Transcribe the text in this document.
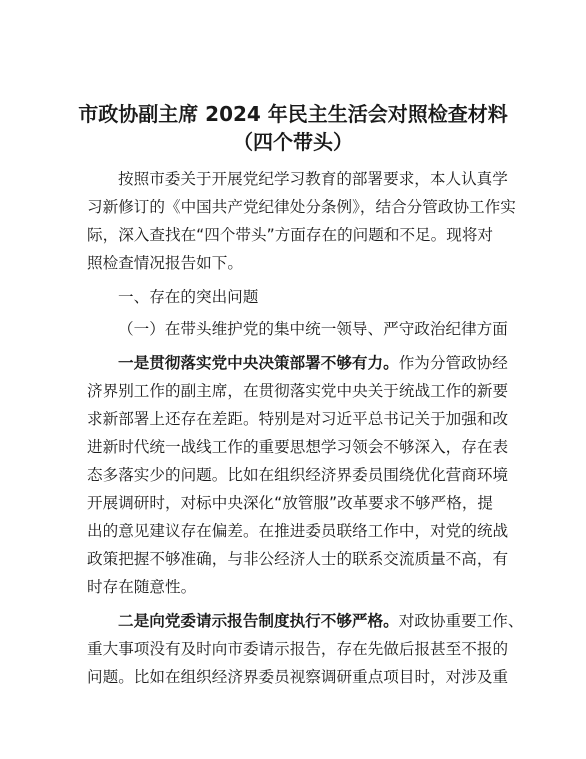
市政协副主席 2024 年民主生活会对照检查材料
（四个带头）

按照市委关于开展党纪学习教育的部署要求，本人认真学

习新修订的《中国共产党纪律处分条例》，结合分管政协工作实

际，深入查找在“四个带头”方面存在的问题和不足。现将对

照检查情况报告如下。

一、存在的突出问题

（一）在带头维护党的集中统一领导、严守政治纪律方面

一是贯彻落实党中央决策部署不够有力。作为分管政协经

济界别工作的副主席，在贯彻落实党中央关于统战工作的新要

求新部署上还存在差距。特别是对习近平总书记关于加强和改

进新时代统一战线工作的重要思想学习领会不够深入，存在表

态多落实少的问题。比如在组织经济界委员围绕优化营商环境

开展调研时，对标中央深化“放管服”改革要求不够严格，提

出的意见建议存在偏差。在推进委员联络工作中，对党的统战

政策把握不够准确，与非公经济人士的联系交流质量不高，有

时存在随意性。

二是向党委请示报告制度执行不够严格。对政协重要工作、

重大事项没有及时向市委请示报告，存在先做后报甚至不报的

问题。比如在组织经济界委员视察调研重点项目时，对涉及重
